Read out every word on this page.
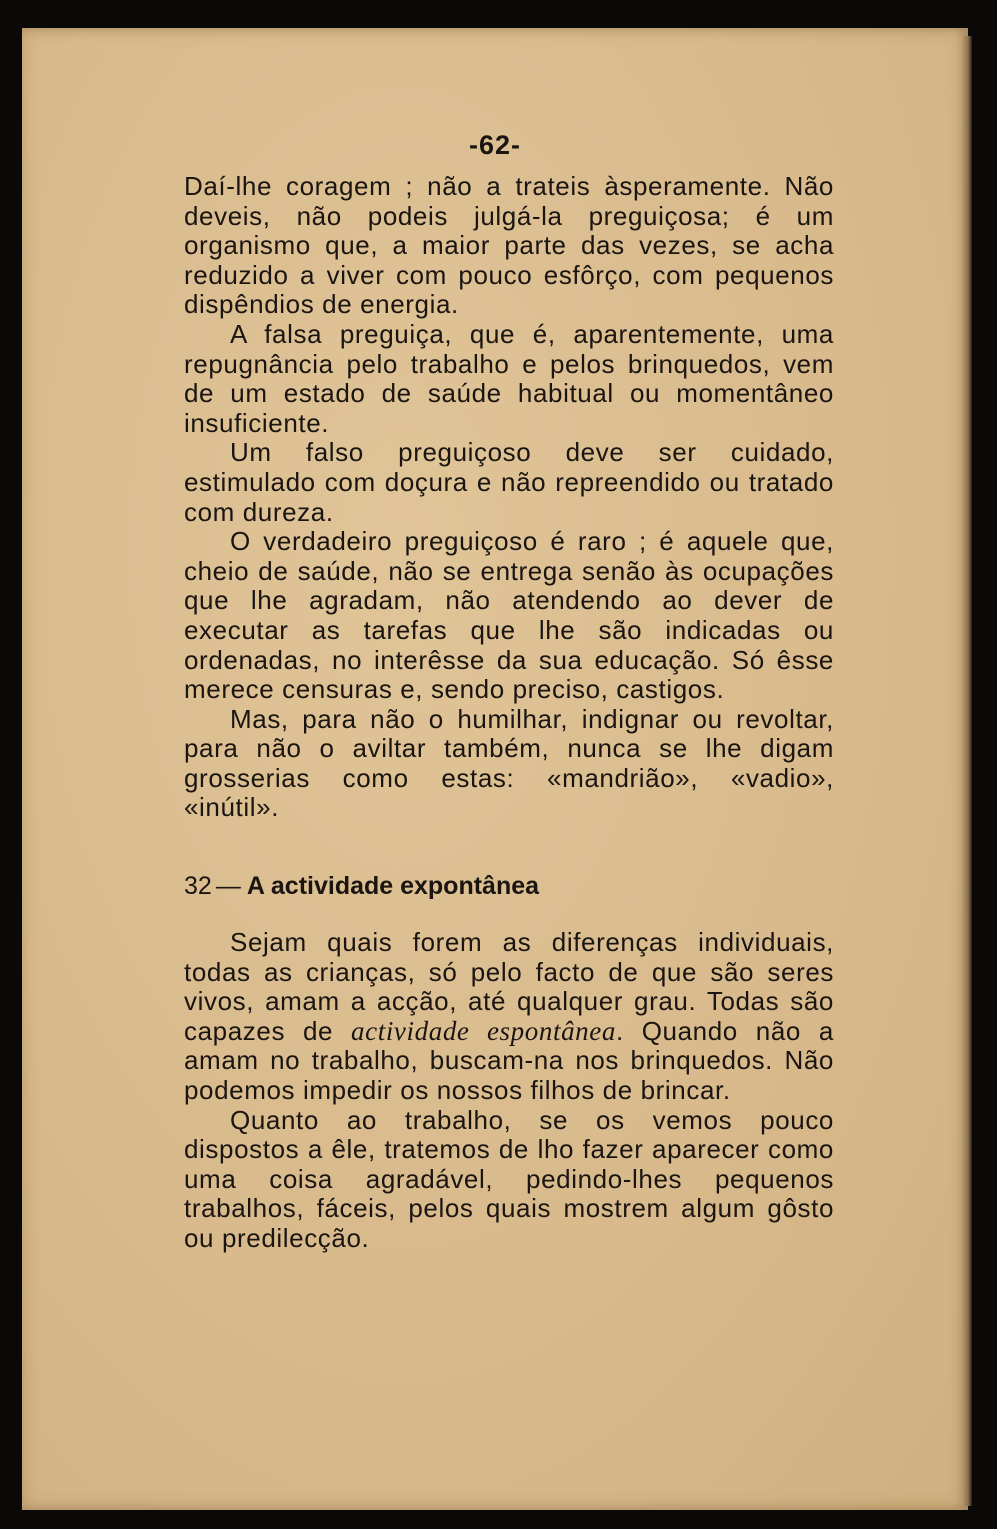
-62-

Daí-lhe coragem ; não a trateis àsperamente. Não deveis, não podeis julgá-la preguiçosa; é um organismo que, a maior parte das vezes, se acha reduzido a viver com pouco esfôrço, com pequenos dispêndios de energia.

A falsa preguiça, que é, aparentemente, uma repugnância pelo trabalho e pelos brinquedos, vem de um estado de saúde habitual ou momentâneo insuficiente.

Um falso preguiçoso deve ser cuidado, estimulado com doçura e não repreendido ou tratado com dureza.

O verdadeiro preguiçoso é raro ; é aquele que, cheio de saúde, não se entrega senão às ocupações que lhe agradam, não atendendo ao dever de executar as tarefas que lhe são indicadas ou ordenadas, no interêsse da sua educação. Só êsse merece censuras e, sendo preciso, castigos.

Mas, para não o humilhar, indignar ou revoltar, para não o aviltar também, nunca se lhe digam grosserias como estas: «mandrião», «vadio», «inútil».

32 — A actividade expontânea

Sejam quais forem as diferenças individuais, todas as crianças, só pelo facto de que são seres vivos, amam a acção, até qualquer grau. Todas são capazes de actividade espontânea. Quando não a amam no trabalho, buscam-na nos brinquedos. Não podemos impedir os nossos filhos de brincar.

Quanto ao trabalho, se os vemos pouco dispostos a êle, tratemos de lho fazer aparecer como uma coisa agradável, pedindo-lhes pequenos trabalhos, fáceis, pelos quais mostrem algum gôsto ou predilecção.
